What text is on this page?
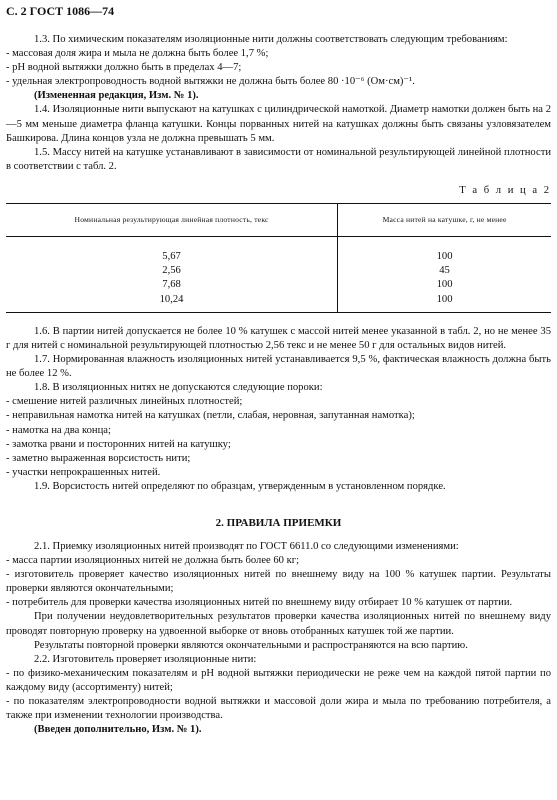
С. 2 ГОСТ 1086—74

1.3. По химическим показателям изоляционные нити должны соответствовать следующим требованиям:

- массовая доля жира и мыла не должна быть более 1,7 %;

- pH водной вытяжки должно быть в пределах 4—7;

- удельная электропроводность водной вытяжки не должна быть более 80 ·10⁻⁶ (Ом·см)⁻¹.

(Измененная редакция, Изм. № 1).

1.4. Изоляционные нити выпускают на катушках с цилиндрической намоткой. Диаметр намотки должен быть на 2—5 мм меньше диаметра фланца катушки. Концы порванных нитей на катушках должны быть связаны узловязателем Башкирова. Длина концов узла не должна превышать 5 мм.

1.5. Массу нитей на катушке устанавливают в зависимости от номинальной результирующей линейной плотности в соответствии с табл. 2.

Т а б л и ц а 2
Номинальная результирующая линейная плотность, текс	Масса нитей на катушке, г, не менее
5,67	100
2,56	45
7,68	100
10,24	100

1.6. В партии нитей допускается не более 10 % катушек с массой нитей менее указанной в табл. 2, но не менее 35 г для нитей с номинальной результирующей плотностью 2,56 текс и не менее 50 г для остальных видов нитей.

1.7. Нормированная влажность изоляционных нитей устанавливается 9,5 %, фактическая влажность должна быть не более 12 %.

1.8. В изоляционных нитях не допускаются следующие пороки:

- смешение нитей различных линейных плотностей;

- неправильная намотка нитей на катушках (петли, слабая, неровная, запутанная намотка);

- намотка на два конца;

- замотка рвани и посторонних нитей на катушку;

- заметно выраженная ворсистость нити;

- участки непрокрашенных нитей.

1.9. Ворсистость нитей определяют по образцам, утвержденным в установленном порядке.

2. ПРАВИЛА ПРИЕМКИ

2.1. Приемку изоляционных нитей производят по ГОСТ 6611.0 со следующими изменениями:

- масса партии изоляционных нитей не должна быть более 60 кг;

- изготовитель проверяет качество изоляционных нитей по внешнему виду на 100 % катушек партии. Результаты проверки являются окончательными;

- потребитель для проверки качества изоляционных нитей по внешнему виду отбирает 10 % катушек от партии.

При получении неудовлетворительных результатов проверки качества изоляционных нитей по внешнему виду проводят повторную проверку на удвоенной выборке от вновь отобранных катушек той же партии.

Результаты повторной проверки являются окончательными и распространяются на всю партию.

2.2. Изготовитель проверяет изоляционные нити:

- по физико-механическим показателям и pH водной вытяжки периодически не реже чем на каждой пятой партии по каждому виду (ассортименту) нитей;

- по показателям электропроводности водной вытяжки и массовой доли жира и мыла по требованию потребителя, а также при изменении технологии производства.

(Введен дополнительно, Изм. № 1).
